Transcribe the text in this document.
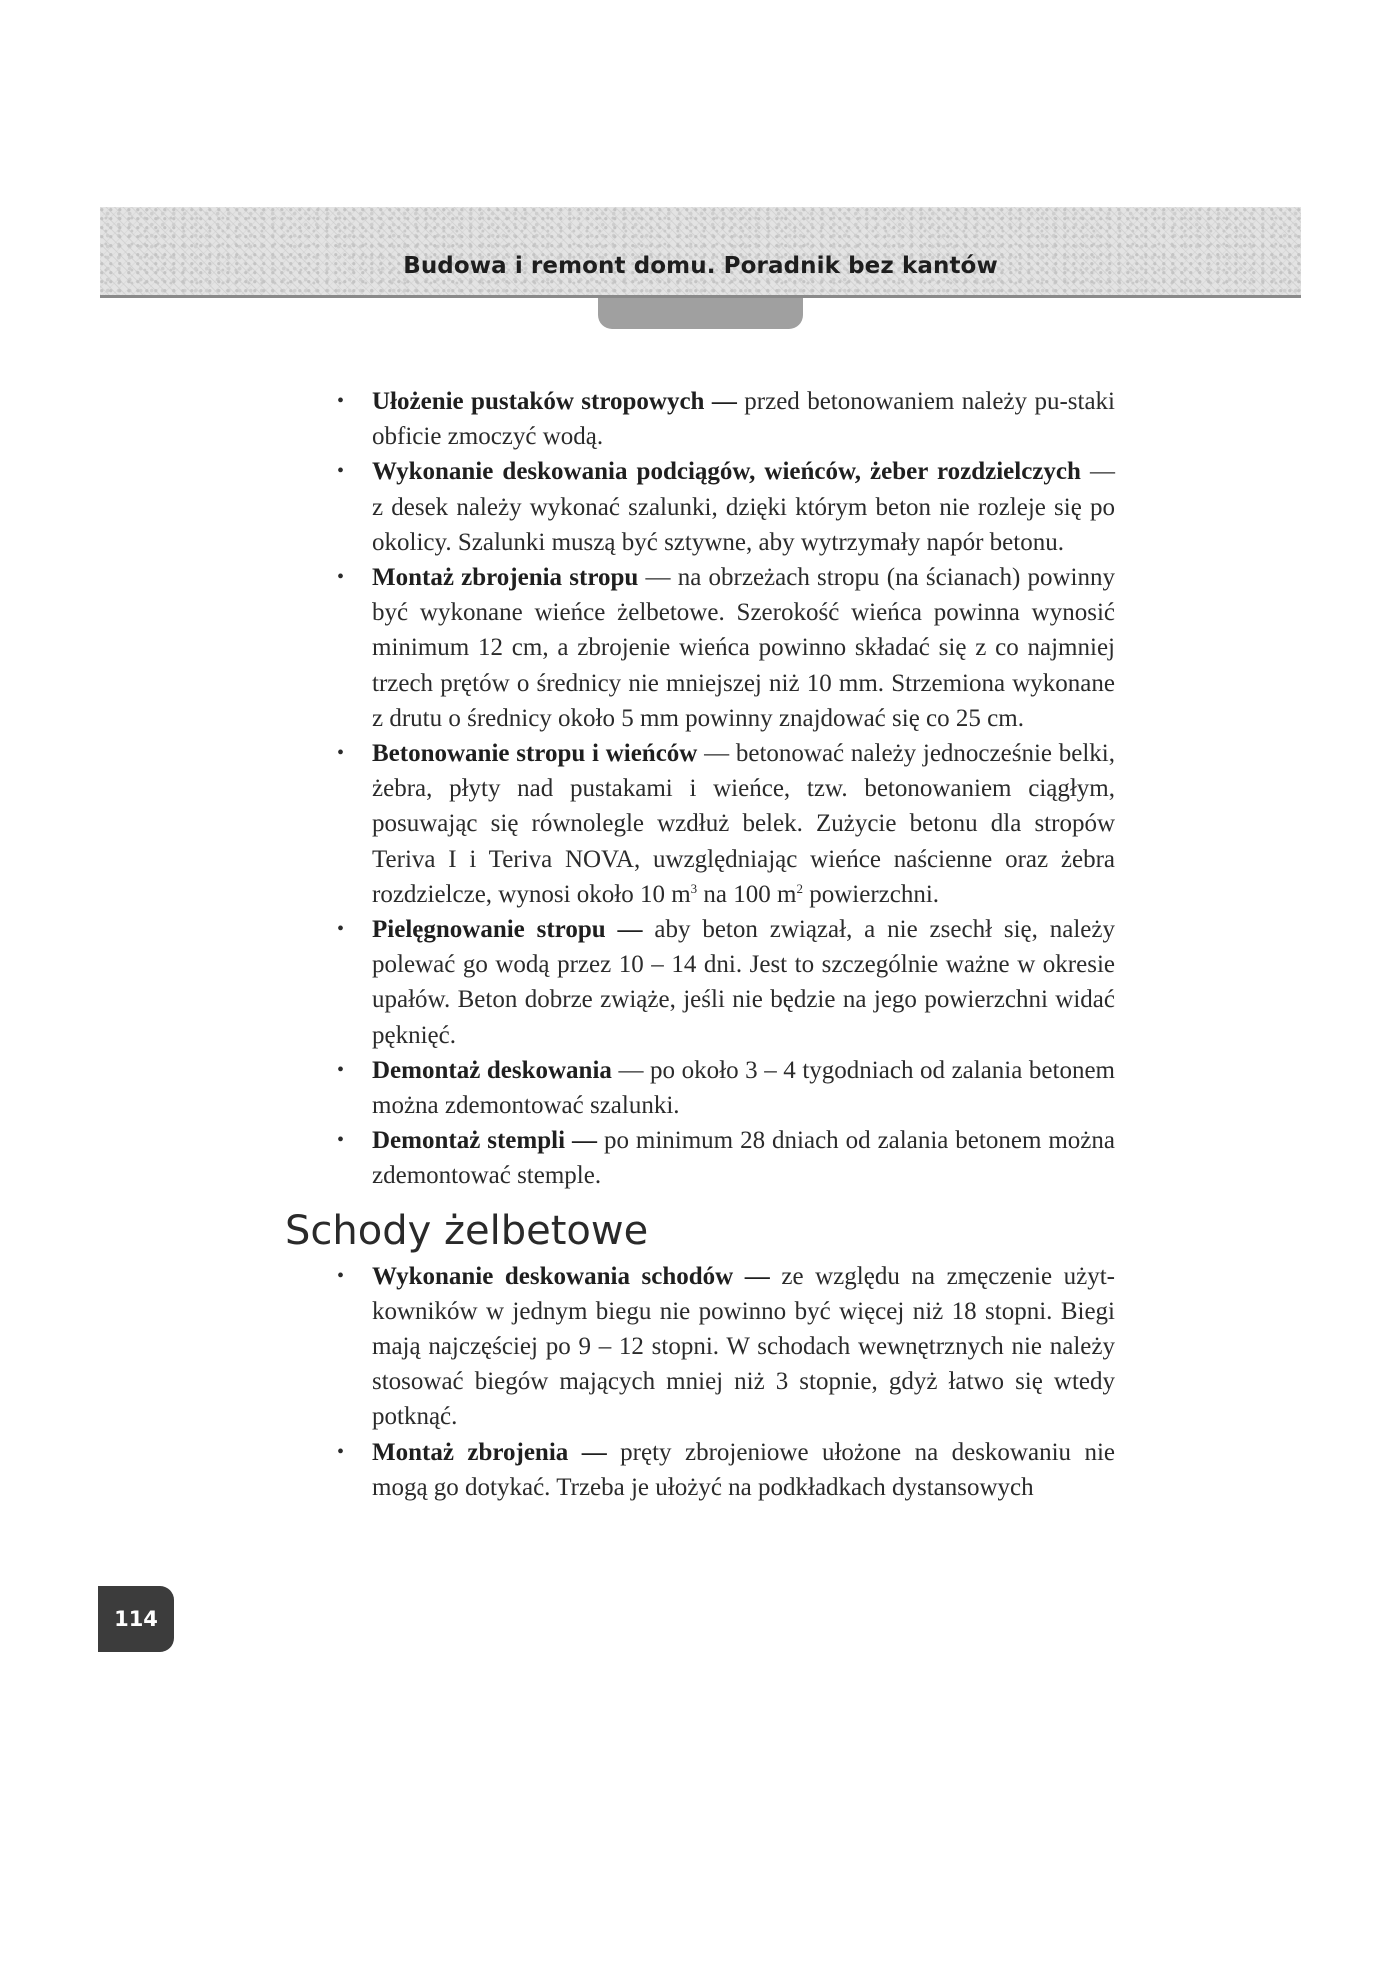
Budowa i remont domu. Poradnik bez kantów
• Ułożenie pustaków stropowych — przed betonowaniem należy pu-staki obficie zmoczyć wodą.
• Wykonanie deskowania podciągów, wieńców, żeber rozdzielczych — z desek należy wykonać szalunki, dzięki którym beton nie rozleje się po okolicy. Szalunki muszą być sztywne, aby wytrzymały napór betonu.
• Montaż zbrojenia stropu — na obrzeżach stropu (na ścianach) powinny być wykonane wieńce żelbetowe. Szerokość wieńca powinna wynosić minimum 12 cm, a zbrojenie wieńca powinno składać się z co najmniej trzech prętów o średnicy nie mniejszej niż 10 mm. Strzemiona wykonane z drutu o średnicy około 5 mm powinny znajdować się co 25 cm.
• Betonowanie stropu i wieńców — betonować należy jednocześnie belki, żebra, płyty nad pustakami i wieńce, tzw. betonowaniem ciągłym, posuwając się równolegle wzdłuż belek. Zużycie betonu dla stropów Teriva I i Teriva NOVA, uwzględniając wieńce naścienne oraz żebra rozdzielcze, wynosi około 10 $m^3$ na 100 $m^2$ powierzchni.
• Pielęgnowanie stropu — aby beton związał, a nie zsechł się, należy polewać go wodą przez 10 – 14 dni. Jest to szczególnie ważne w okresie upałów. Beton dobrze zwiąże, jeśli nie będzie na jego powierzchni widać pęknięć.
• Demontaż deskowania — po około 3 – 4 tygodniach od zalania betonem można zdemontować szalunki.
• Demontaż stempli — po minimum 28 dniach od zalania betonem można zdemontować stemple.
Schody żelbetowe
• Wykonanie deskowania schodów — ze względu na zmęczenie użytkowników w jednym biegu nie powinno być więcej niż 18 stopni. Biegi mają najczęściej po 9 – 12 stopni. W schodach wewnętrznych nie należy stosować biegów mających mniej niż 3 stopnie, gdyż łatwo się wtedy potknąć.
• Montaż zbrojenia — pręty zbrojeniowe ułożone na deskowaniu nie mogą go dotykać. Trzeba je ułożyć na podkładkach dystansowych
114
